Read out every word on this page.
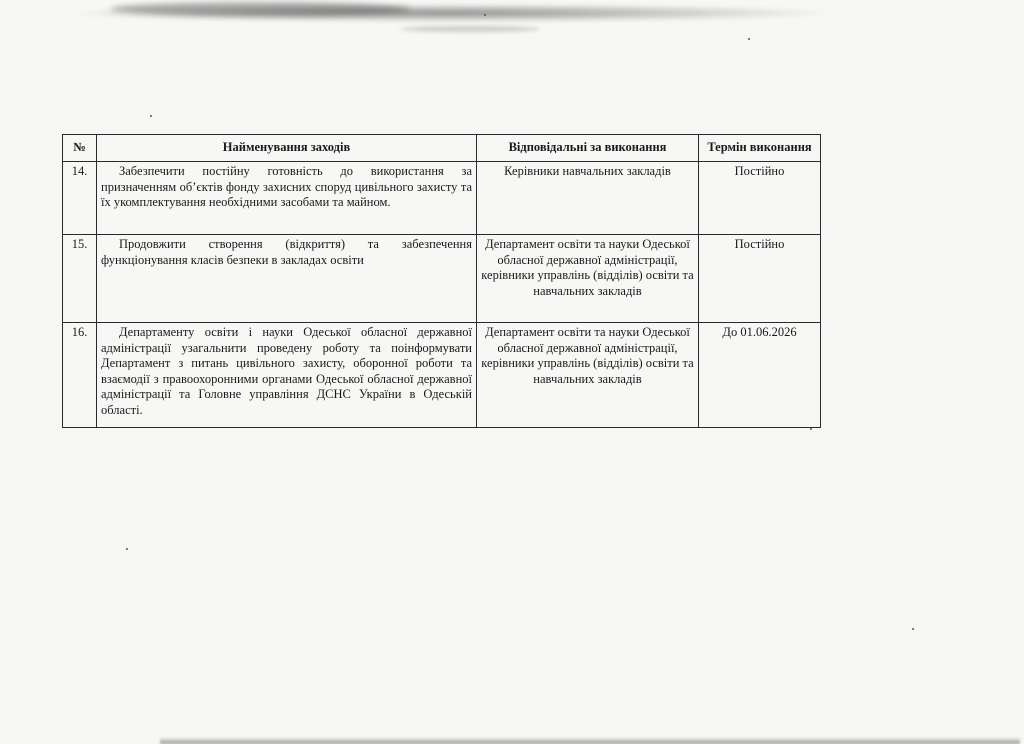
№	Найменування заходів	Відповідальні за виконання	Термін виконання
14.	Забезпечити постійну готовність до використання за призначенням об’єктів фонду захисних споруд цивільного захисту та їх укомплектування необхідними засобами та майном.	Керівники навчальних закладів	Постійно
15.	Продовжити створення (відкриття) та забезпечення функціонування класів безпеки в закладах освіти	Департамент освіти та науки Одеської обласної державної адміністрації, керівники управлінь (відділів) освіти та навчальних закладів	Постійно
16.	Департаменту освіти і науки Одеської обласної державної адміністрації узагальнити проведену роботу та поінформувати Департамент з питань цивільного захисту, оборонної роботи та взаємодії з правоохоронними органами Одеської обласної державної адміністрації та Головне управління ДСНС України в Одеській області.	Департамент освіти та науки Одеської обласної державної адміністрації, керівники управлінь (відділів) освіти та навчальних закладів	До 01.06.2026
